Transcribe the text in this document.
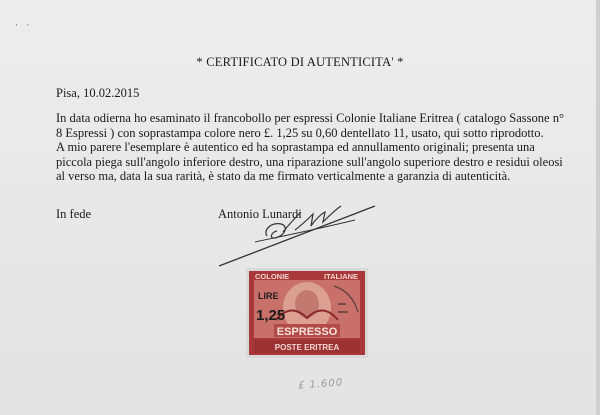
· ·
* CERTIFICATO DI AUTENTICITA' *
Pisa, 10.02.2015

In data odierna ho esaminato il francobollo per espressi Colonie Italiane Eritrea ( catalogo Sassone n° 8 Espressi ) con soprastampa colore nero £. 1,25 su 0,60 dentellato 11, usato, qui sotto riprodotto.

A mio parere l'esemplare è autentico ed ha soprastampa ed annullamento originali; presenta una piccola piega sull'angolo inferiore destro, una riparazione sull'angolo superiore destro e residui oleosi al verso ma, data la sua rarità, è stato da me firmato verticalmente a garanzia di autenticità.

In fede	Antonio Lunardi
COLONIE	ITALIANE
LIRE
1,25
ESPRESSO
POSTE ERITREA
£ 1.600
